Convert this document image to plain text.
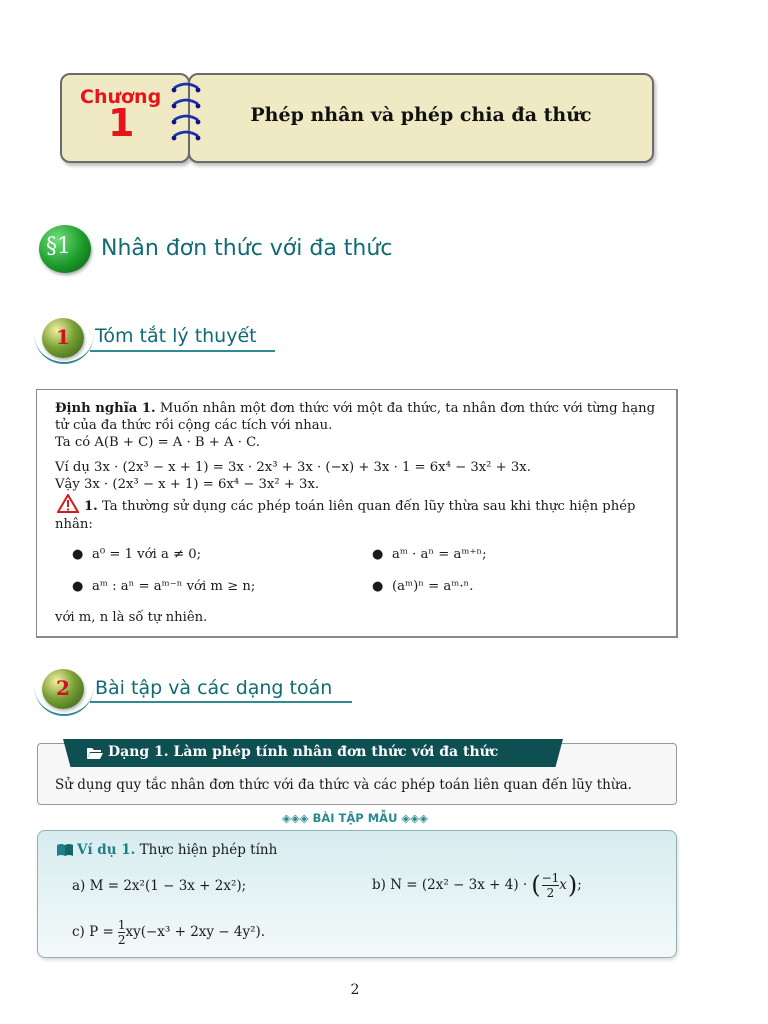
Chương
1	Phép nhân và phép chia đa thức
§1 Nhân đơn thức với đa thức
1	Tóm tắt lý thuyết
Định nghĩa 1. Muốn nhân một đơn thức với một đa thức, ta nhân đơn thức với từng hạng
tử của đa thức rồi cộng các tích với nhau.
Ta có A(B + C) = A · B + A · C.
Ví dụ 3x · (2x³ − x + 1) = 3x · 2x³ + 3x · (−x) + 3x · 1 = 6x⁴ − 3x² + 3x.
Vậy 3x · (2x³ − x + 1) = 6x⁴ − 3x² + 3x.
1. Ta thường sử dụng các phép toán liên quan đến lũy thừa sau khi thực hiện phép
nhân:
● a⁰ = 1 với a ≠ 0;	● aᵐ · aⁿ = aᵐ⁺ⁿ;
● aᵐ : aⁿ = aᵐ⁻ⁿ với m ≥ n;	● (aᵐ)ⁿ = aᵐ·ⁿ.
với m, n là số tự nhiên.
2	Bài tập và các dạng toán
Dạng 1. Làm phép tính nhân đơn thức với đa thức
Sử dụng quy tắc nhân đơn thức với đa thức và các phép toán liên quan đến lũy thừa.
◈◈◈ BÀI TẬP MẪU ◈◈◈
Ví dụ 1. Thực hiện phép tính
a) M = 2x²(1 − 3x + 2x²);	b) N = (2x² − 3x + 4) · ( $\frac{-1}{2}$ x ) ;
c) $P = \frac{1}{2} xy(-x^3 + 2xy - 4y^2)$.
2
